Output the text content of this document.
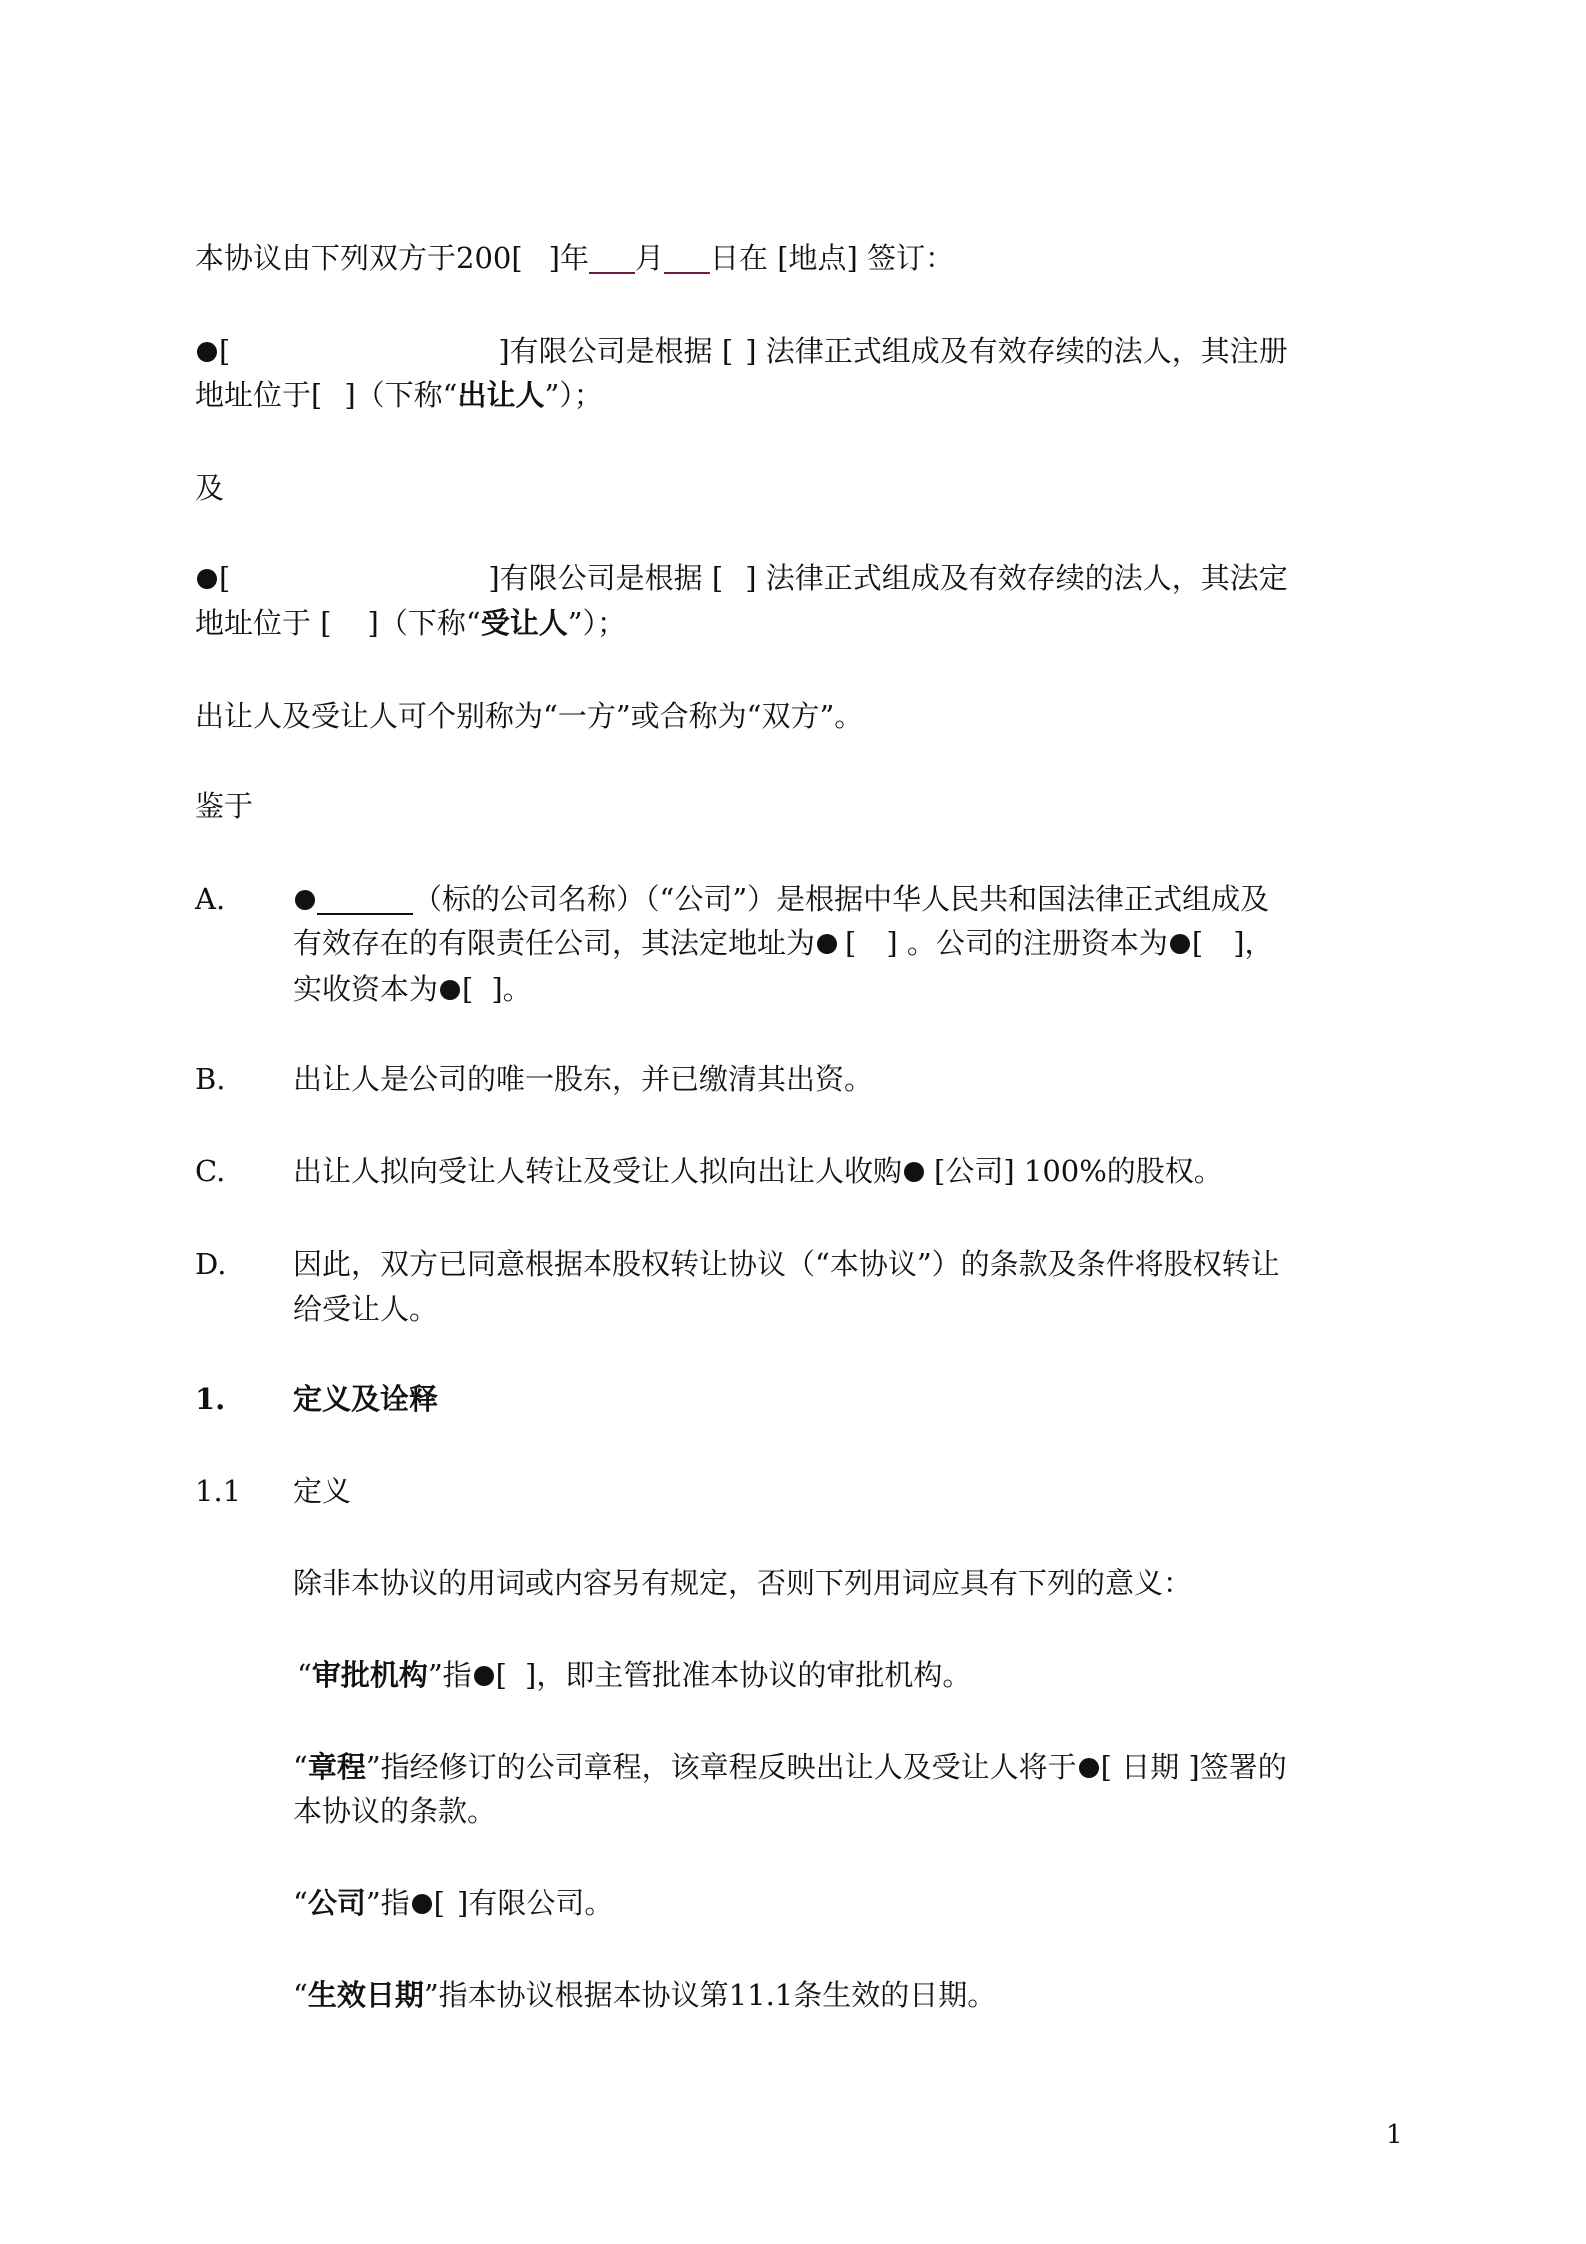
本协议由下列双方于200[ ]年 月 日在 [地点] 签订：
[	]有限公司是根据 [ ] 法律正式组成及有效存续的法人，其注册
地址位于[ ]（下称“出让人”）；
及
[	]有限公司是根据 [ ] 法律正式组成及有效存续的法人，其法定
地址位于 [ ]（下称“受让人”）；
出让人及受让人可个别称为“一方”或合称为“双方”。
鉴于
A.	（标的公司名称）（“公司”）是根据中华人民共和国法律正式组成及
有效存在的有限责任公司，其法定地址为 [ ] 。公司的注册资本为 [ ]，
实收资本为 [ ]。
B. 出让人是公司的唯一股东，并已缴清其出资。
C. 出让人拟向受让人转让及受让人拟向出让人收购 [公司] 100%的股权。
D. 因此，双方已同意根据本股权转让协议（“本协议”）的条款及条件将股权转让
给受让人。
1. 定义及诠释
1.1 定义
除非本协议的用词或内容另有规定，否则下列用词应具有下列的意义：
“审批机构”指 [ ]，即主管批准本协议的审批机构。
“章程”指经修订的公司章程，该章程反映出让人及受让人将于 [ 日期 ]签署的
本协议的条款。
“公司”指 [ ]有限公司。
“生效日期”指本协议根据本协议第11.1条生效的日期。
1
